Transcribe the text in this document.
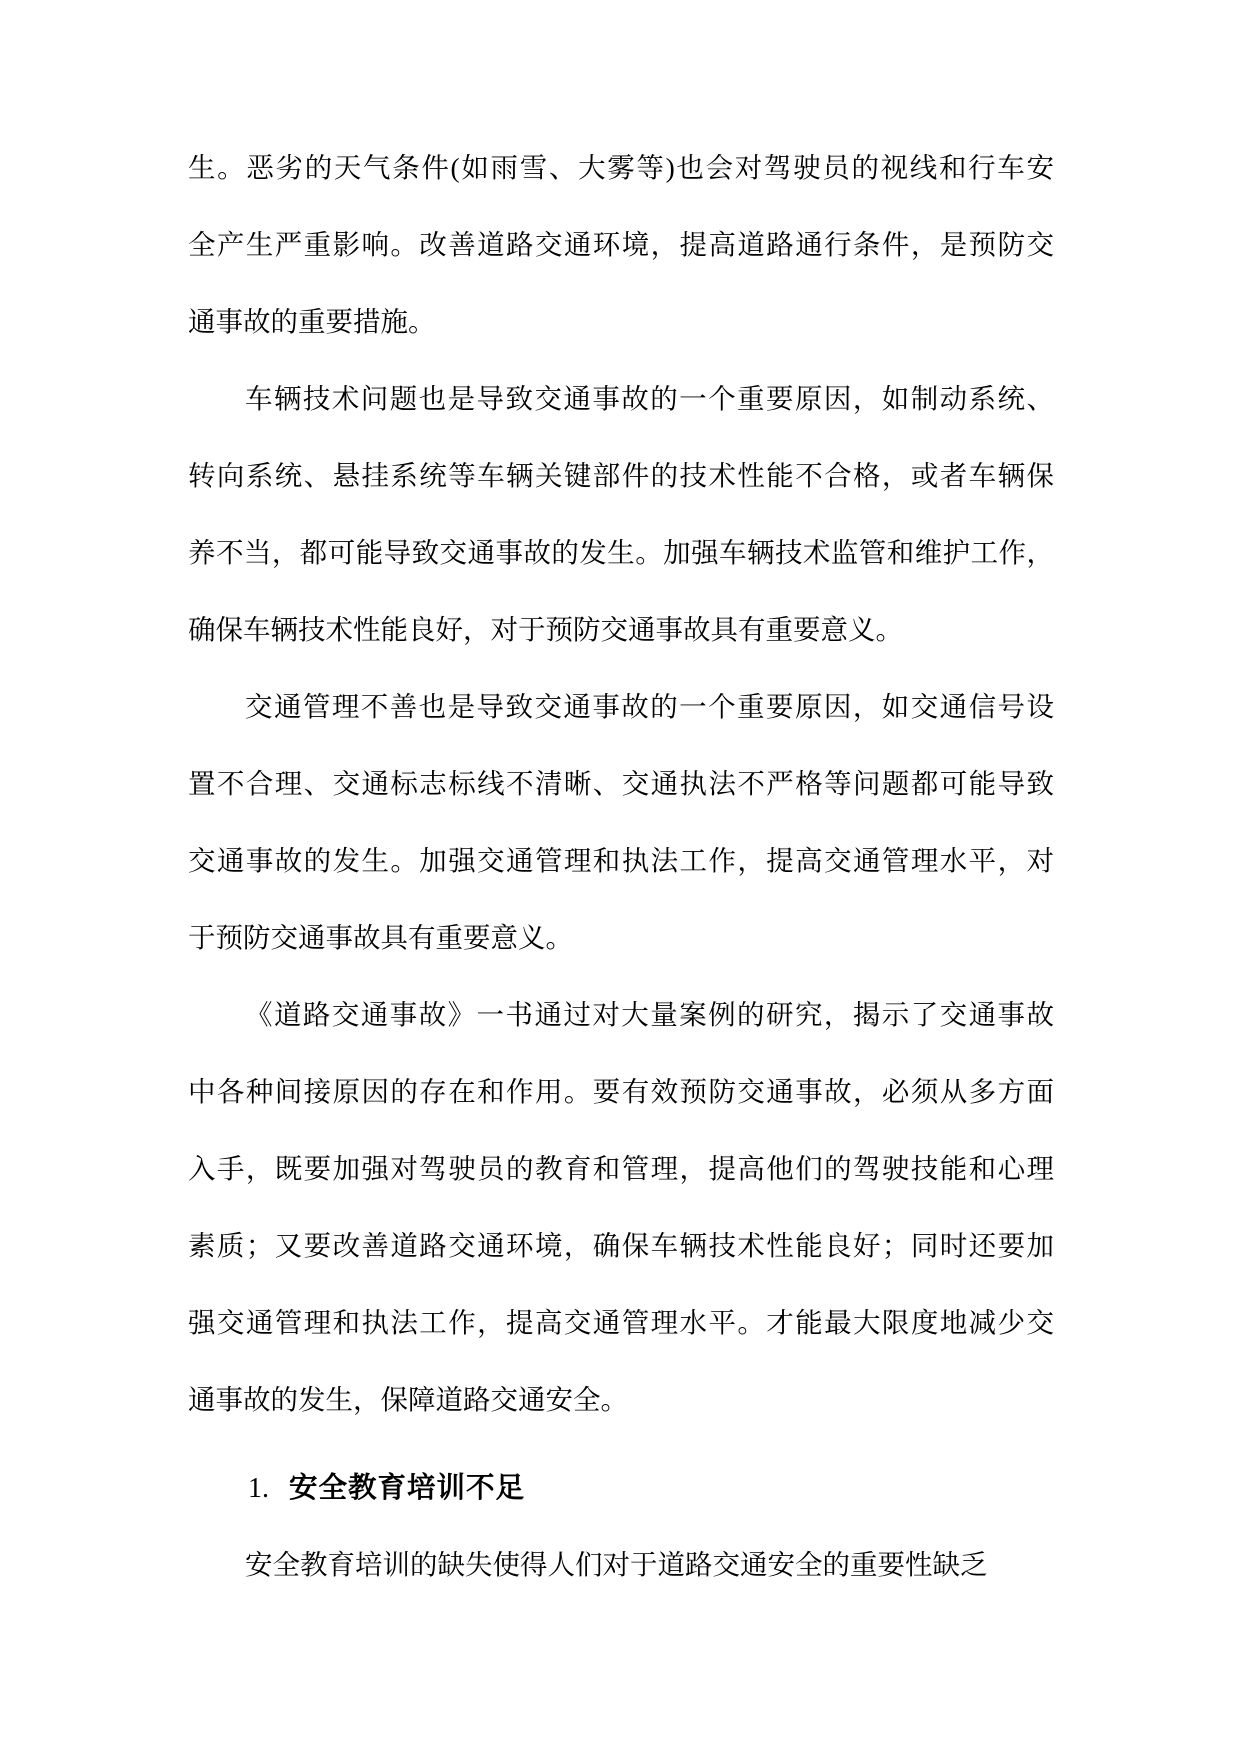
生。恶劣的天气条件(如雨雪、大雾等)也会对驾驶员的视线和行车安
全产生严重影响。改善道路交通环境，提高道路通行条件，是预防交
通事故的重要措施。
车辆技术问题也是导致交通事故的一个重要原因，如制动系统、
转向系统、悬挂系统等车辆关键部件的技术性能不合格，或者车辆保
养不当，都可能导致交通事故的发生。加强车辆技术监管和维护工作，
确保车辆技术性能良好，对于预防交通事故具有重要意义。
交通管理不善也是导致交通事故的一个重要原因，如交通信号设
置不合理、交通标志标线不清晰、交通执法不严格等问题都可能导致
交通事故的发生。加强交通管理和执法工作，提高交通管理水平，对
于预防交通事故具有重要意义。
《道路交通事故》一书通过对大量案例的研究，揭示了交通事故
中各种间接原因的存在和作用。要有效预防交通事故，必须从多方面
入手，既要加强对驾驶员的教育和管理，提高他们的驾驶技能和心理
素质；又要改善道路交通环境，确保车辆技术性能良好；同时还要加
强交通管理和执法工作，提高交通管理水平。才能最大限度地减少交
通事故的发生，保障道路交通安全。
1. 安全教育培训不足
安全教育培训的缺失使得人们对于道路交通安全的重要性缺乏
